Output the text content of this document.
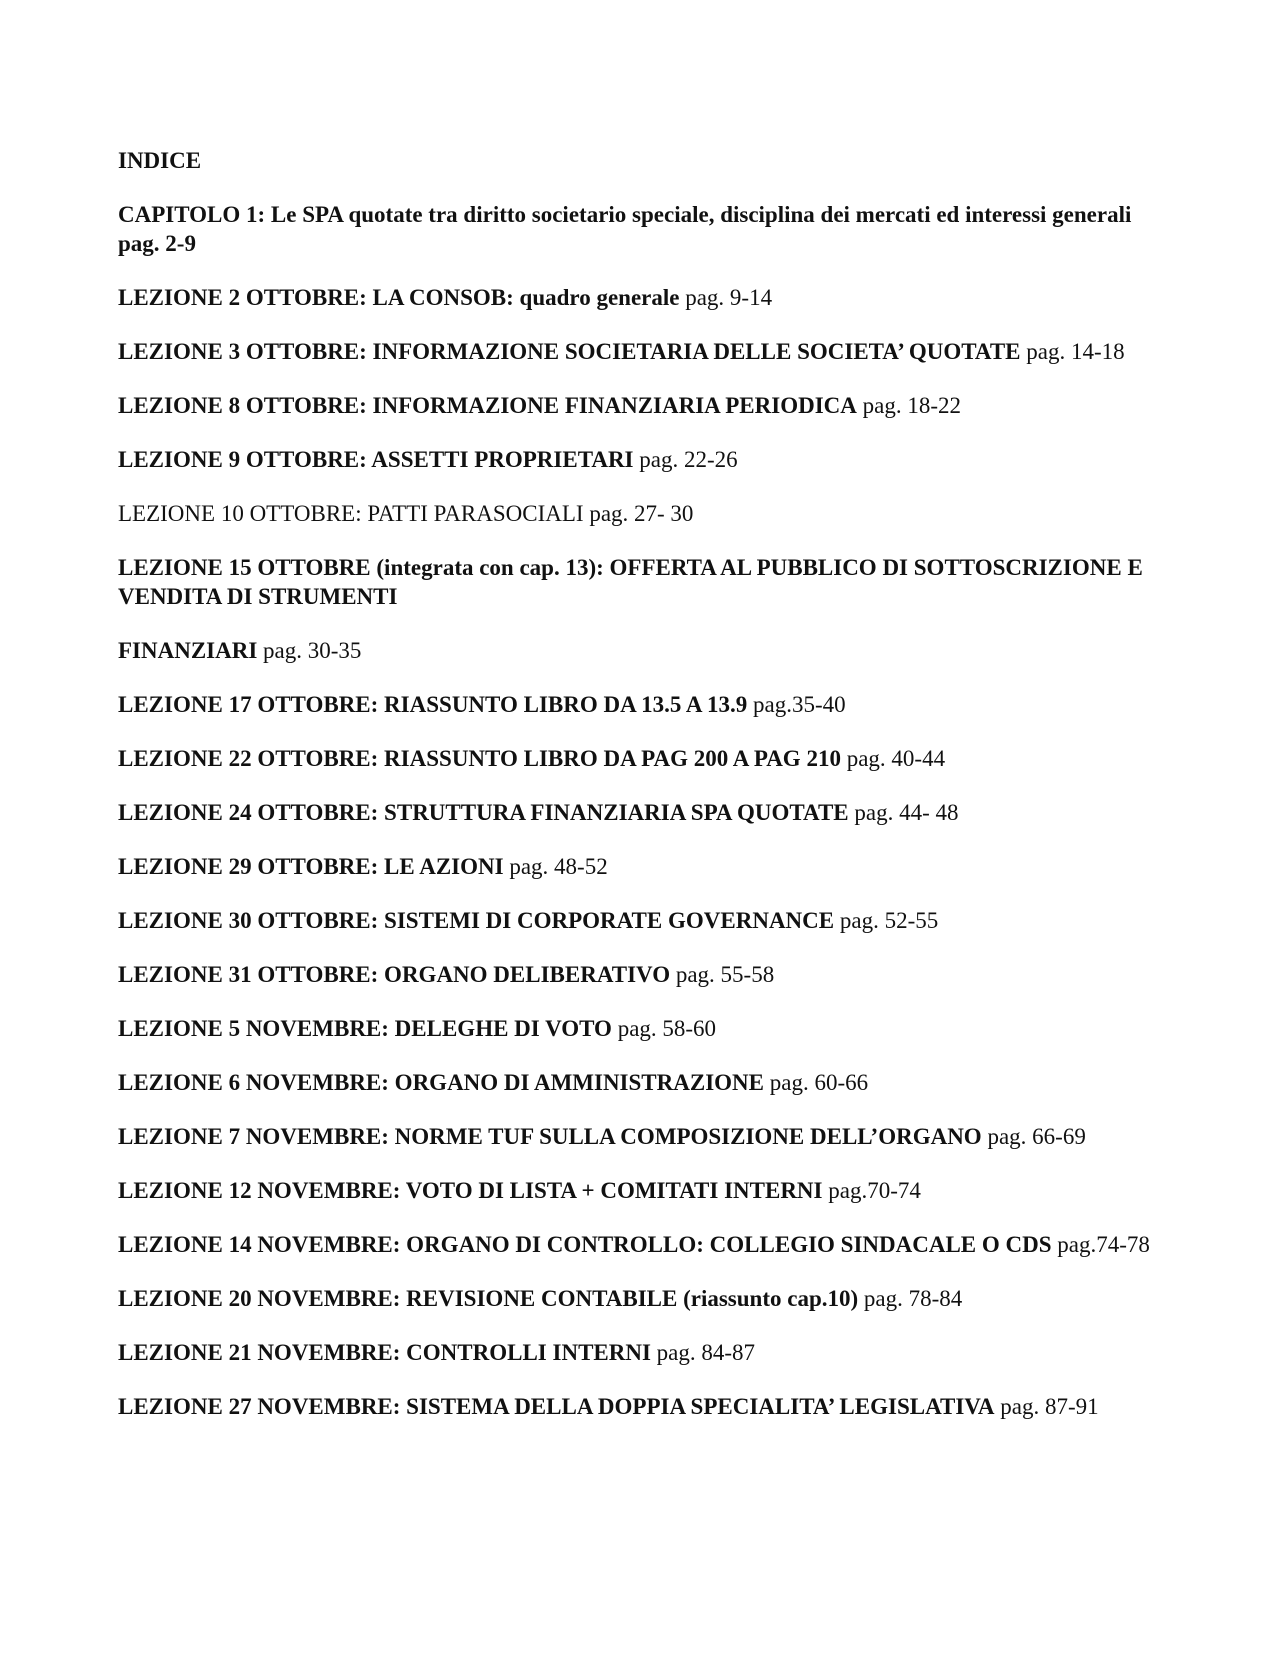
INDICE
CAPITOLO 1: Le SPA quotate tra diritto societario speciale, disciplina dei mercati ed interessi generali pag. 2-9
LEZIONE 2 OTTOBRE: LA CONSOB: quadro generale pag. 9-14
LEZIONE 3 OTTOBRE: INFORMAZIONE SOCIETARIA DELLE SOCIETA’ QUOTATE pag. 14-18
LEZIONE 8 OTTOBRE: INFORMAZIONE FINANZIARIA PERIODICA pag. 18-22
LEZIONE 9 OTTOBRE: ASSETTI PROPRIETARI pag. 22-26
LEZIONE 10 OTTOBRE: PATTI PARASOCIALI pag. 27- 30
LEZIONE 15 OTTOBRE (integrata con cap. 13): OFFERTA AL PUBBLICO DI SOTTOSCRIZIONE E VENDITA DI STRUMENTI
FINANZIARI pag. 30-35
LEZIONE 17 OTTOBRE: RIASSUNTO LIBRO DA 13.5 A 13.9 pag.35-40
LEZIONE 22 OTTOBRE: RIASSUNTO LIBRO DA PAG 200 A PAG 210 pag. 40-44
LEZIONE 24 OTTOBRE: STRUTTURA FINANZIARIA SPA QUOTATE pag. 44- 48
LEZIONE 29 OTTOBRE: LE AZIONI pag. 48-52
LEZIONE 30 OTTOBRE: SISTEMI DI CORPORATE GOVERNANCE pag. 52-55
LEZIONE 31 OTTOBRE: ORGANO DELIBERATIVO pag. 55-58
LEZIONE 5 NOVEMBRE: DELEGHE DI VOTO pag. 58-60
LEZIONE 6 NOVEMBRE: ORGANO DI AMMINISTRAZIONE pag. 60-66
LEZIONE 7 NOVEMBRE: NORME TUF SULLA COMPOSIZIONE DELL’ORGANO pag. 66-69
LEZIONE 12 NOVEMBRE: VOTO DI LISTA + COMITATI INTERNI pag.70-74
LEZIONE 14 NOVEMBRE: ORGANO DI CONTROLLO: COLLEGIO SINDACALE O CDS pag.74-78
LEZIONE 20 NOVEMBRE: REVISIONE CONTABILE (riassunto cap.10) pag. 78-84
LEZIONE 21 NOVEMBRE: CONTROLLI INTERNI pag. 84-87
LEZIONE 27 NOVEMBRE: SISTEMA DELLA DOPPIA SPECIALITA’ LEGISLATIVA pag. 87-91
